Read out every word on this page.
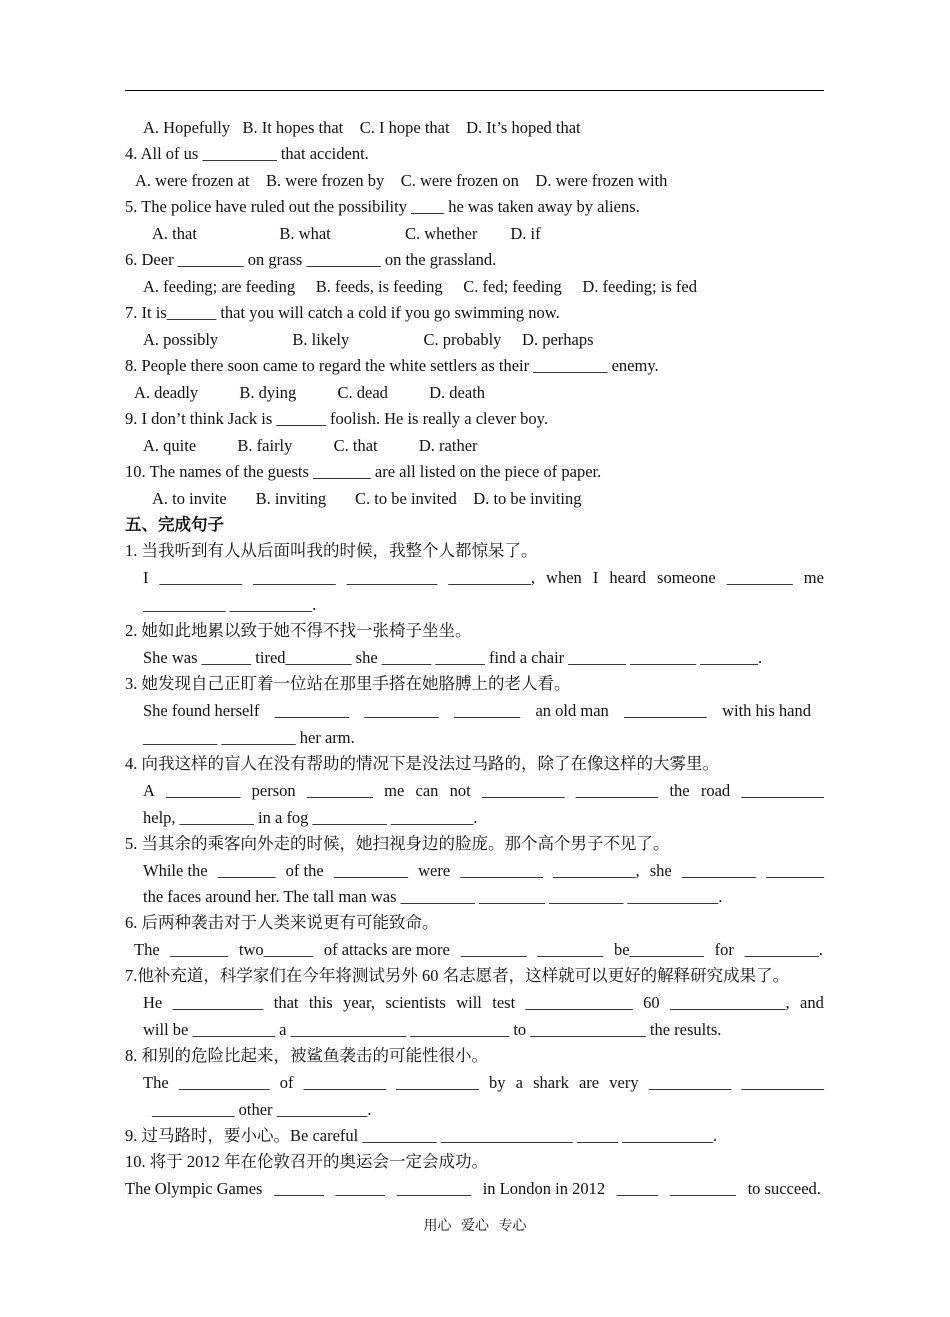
A. Hopefully   B. It hopes that    C. I hope that    D. It’s hoped that
4. All of us _________ that accident.
A. were frozen at    B. were frozen by    C. were frozen on    D. were frozen with
5. The police have ruled out the possibility ____ he was taken away by aliens.
A. that                    B. what                  C. whether        D. if
6. Deer ________ on grass _________ on the grassland.
A. feeding; are feeding     B. feeds, is feeding     C. fed; feeding     D. feeding; is fed
7. It is______ that you will catch a cold if you go swimming now.
A. possibly                  B. likely                  C. probably     D. perhaps
8. People there soon came to regard the white settlers as their _________ enemy.
A. deadly          B. dying          C. dead          D. death
9. I don’t think Jack is ______ foolish. He is really a clever boy.
A. quite          B. fairly          C. that          D. rather
10. The names of the guests _______ are all listed on the piece of paper.
A. to invite       B. inviting       C. to be invited    D. to be inviting
五、完成句子
1. 当我听到有人从后面叫我的时候，我整个人都惊呆了。
I __________ __________ ___________ __________, when I heard someone ________ me
__________ __________.
2. 她如此地累以致于她不得不找一张椅子坐坐。
She was ______ tired________ she ______ ______ find a chair _______ ________ _______.
3. 她发现自己正盯着一位站在那里手搭在她胳膊上的老人看。
She found herself _________ _________ ________ an old man __________ with his hand
_________ _________ her arm.
4. 向我这样的盲人在没有帮助的情况下是没法过马路的，除了在像这样的大雾里。
A _________ person ________ me can not __________ __________ the road __________
help, _________ in a fog _________ __________.
5. 当其余的乘客向外走的时候，她扫视身边的脸庞。那个高个男子不见了。
While the _______ of the _________ were __________ __________, she _________ _______
the faces around her. The tall man was _________ ________ _________ ___________.
6. 后两种袭击对于人类来说更有可能致命。
The _______ two______ of attacks are more ________ ________ be_________ for _________.
7.他补充道，科学家们在今年将测试另外 60 名志愿者，这样就可以更好的解释研究成果了。
He ___________ that this year, scientists will test _____________ 60 ______________, and
will be __________ a ______________ ____________ to ______________ the results.
8. 和别的危险比起来，被鲨鱼袭击的可能性很小。
The ___________ of __________ __________ by a shark are very __________ __________
__________ other ___________.
9. 过马路时，要小心。Be careful _________ ________________ _____ ___________.
10. 将于 2012 年在伦敦召开的奥运会一定会成功。
The Olympic Games ______ ______ _________ in London in 2012 _____ ________ to succeed.
用心 爱心 专心
